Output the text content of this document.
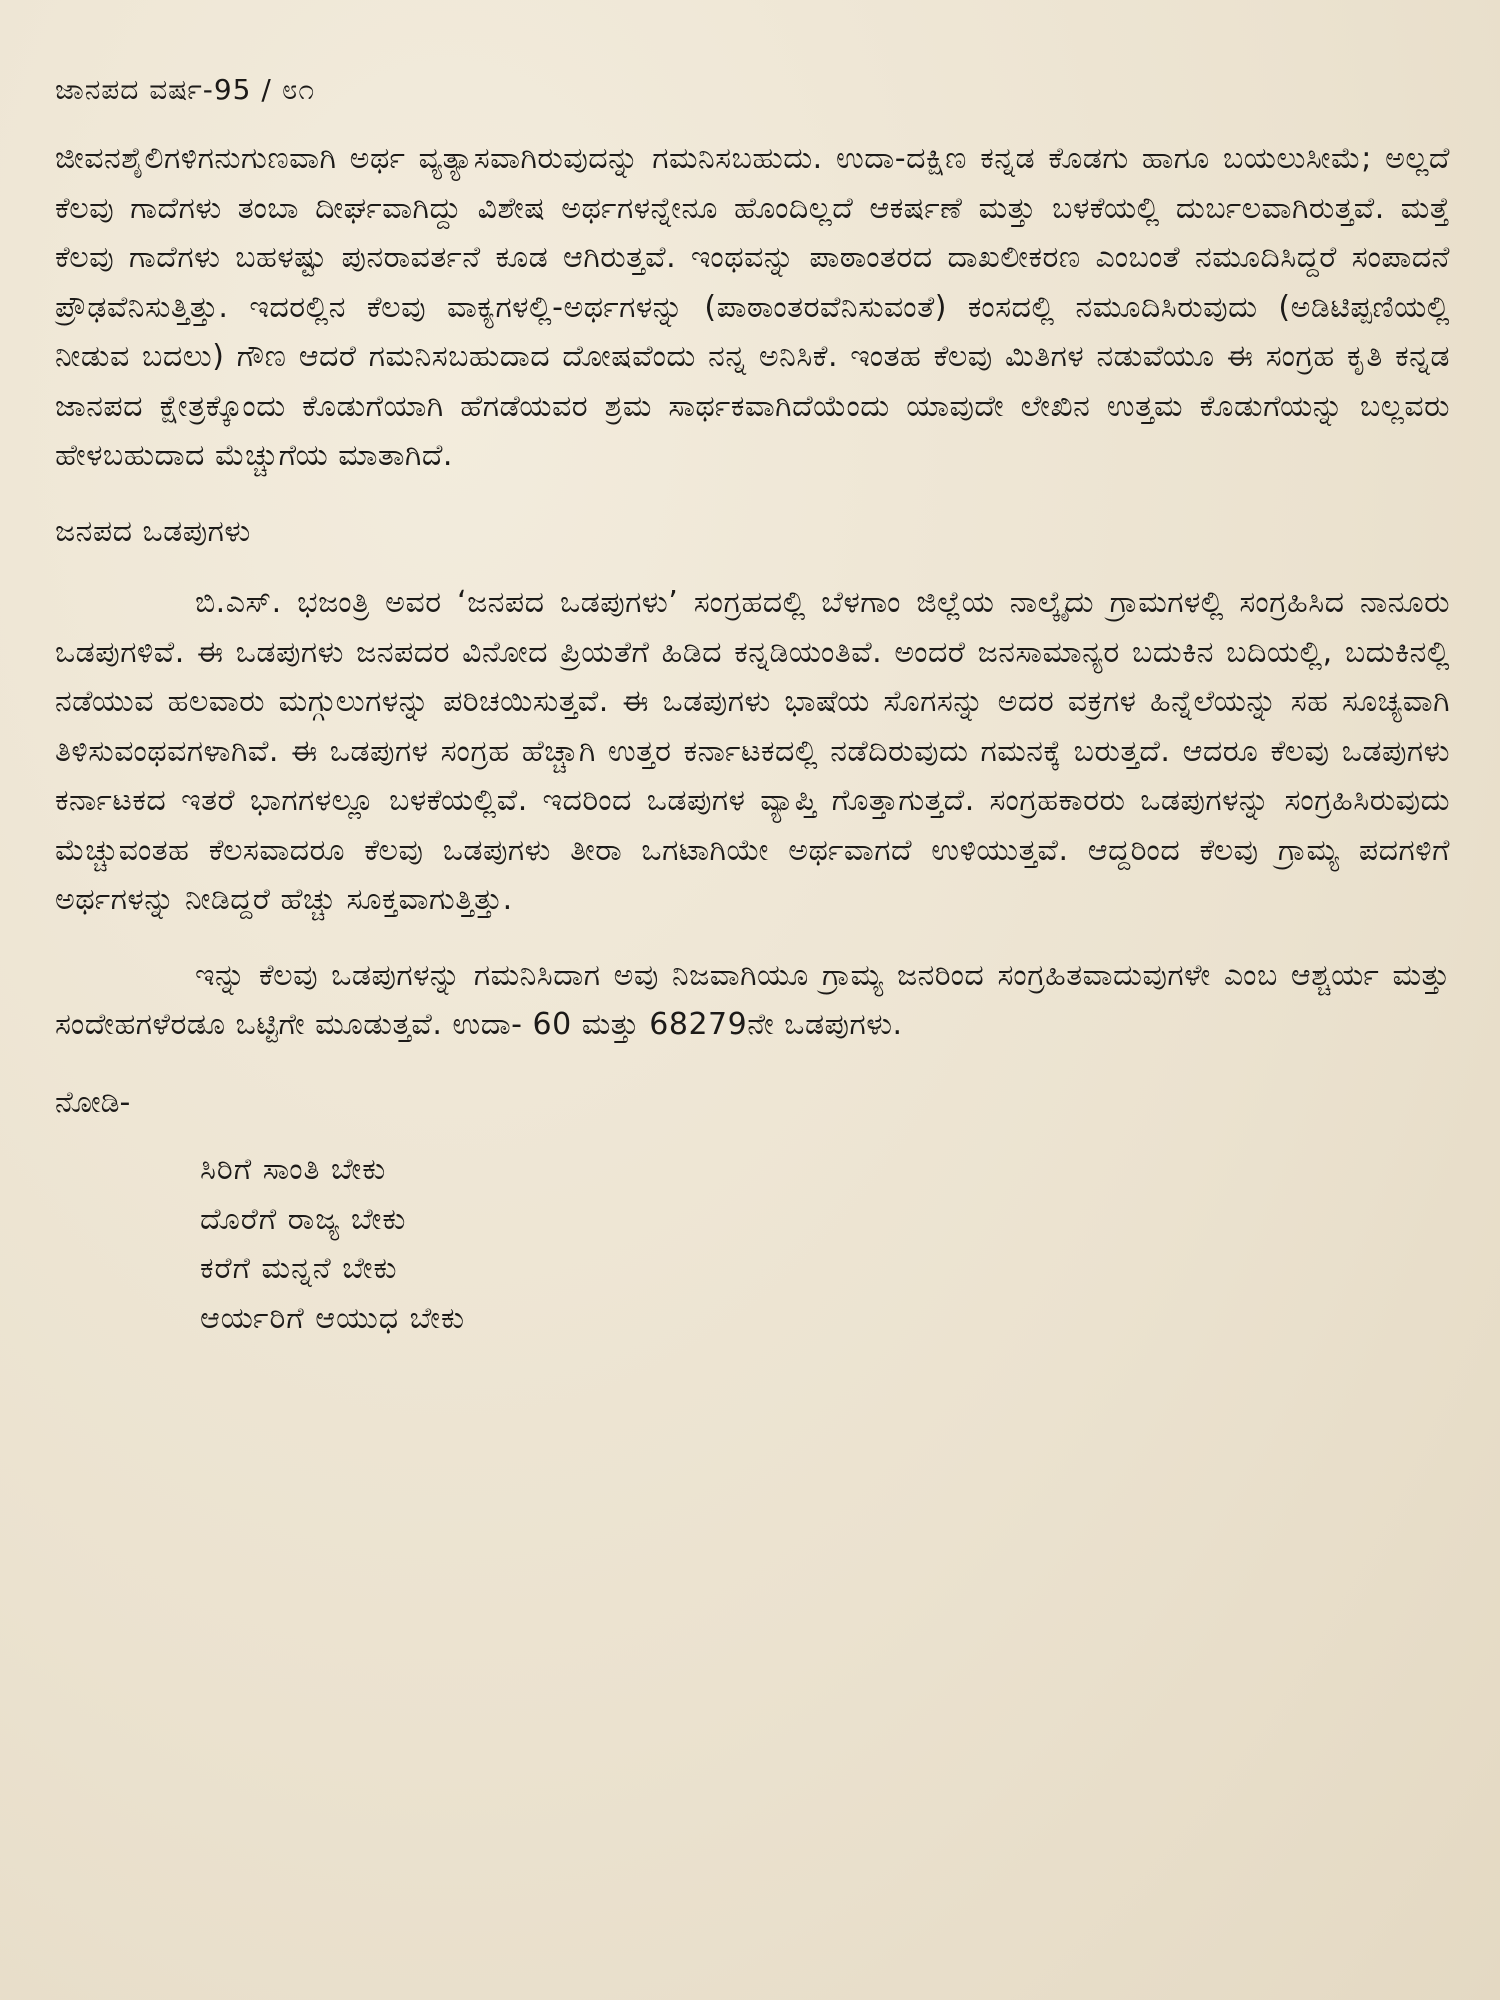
ಜಾನಪದ ವರ್ಷ-95 / ೮೧

ಜೀವನಶೈಲಿಗಳಿಗನುಗುಣವಾಗಿ ಅರ್ಥ ವ್ಯತ್ಯಾಸವಾಗಿರುವುದನ್ನು ಗಮನಿಸಬಹುದು. ಉದಾ-ದಕ್ಷಿಣ ಕನ್ನಡ ಕೊಡಗು ಹಾಗೂ ಬಯಲುಸೀಮೆ; ಅಲ್ಲದೆ ಕೆಲವು ಗಾದೆಗಳು ತಂಬಾ ದೀರ್ಘವಾಗಿದ್ದು ವಿಶೇಷ ಅರ್ಥಗಳನ್ನೇನೂ ಹೊಂದಿಲ್ಲದೆ ಆಕರ್ಷಣೆ ಮತ್ತು ಬಳಕೆಯಲ್ಲಿ ದುರ್ಬಲವಾಗಿರುತ್ತವೆ. ಮತ್ತೆ ಕೆಲವು ಗಾದೆಗಳು ಬಹಳಷ್ಟು ಪುನರಾವರ್ತನೆ ಕೂಡ ಆಗಿರುತ್ತವೆ. ಇಂಥವನ್ನು ಪಾಠಾಂತರದ ದಾಖಲೀಕರಣ ಎಂಬಂತೆ ನಮೂದಿಸಿದ್ದರೆ ಸಂಪಾದನೆ ಪ್ರೌಢವೆನಿಸುತ್ತಿತ್ತು. ಇದರಲ್ಲಿನ ಕೆಲವು ವಾಕ್ಯಗಳಲ್ಲಿ-ಅರ್ಥಗಳನ್ನು (ಪಾಠಾಂತರವೆನಿಸುವಂತೆ) ಕಂಸದಲ್ಲಿ ನಮೂದಿಸಿರುವುದು (ಅಡಿಟಿಪ್ಪಣಿಯಲ್ಲಿ ನೀಡುವ ಬದಲು) ಗೌಣ ಆದರೆ ಗಮನಿಸಬಹುದಾದ ದೋಷವೆಂದು ನನ್ನ ಅನಿಸಿಕೆ. ಇಂತಹ ಕೆಲವು ಮಿತಿಗಳ ನಡುವೆಯೂ ಈ ಸಂಗ್ರಹ ಕೃತಿ ಕನ್ನಡ ಜಾನಪದ ಕ್ಷೇತ್ರಕ್ಕೊಂದು ಕೊಡುಗೆಯಾಗಿ ಹೆಗಡೆಯವರ ಶ್ರಮ ಸಾರ್ಥಕವಾಗಿದೆಯೆಂದು ಯಾವುದೇ ಲೇಖಿನ ಉತ್ತಮ ಕೊಡುಗೆಯನ್ನು ಬಲ್ಲವರು ಹೇಳಬಹುದಾದ ಮೆಚ್ಚುಗೆಯ ಮಾತಾಗಿದೆ.

ಜನಪದ ಒಡಪುಗಳು

ಬಿ.ಎಸ್. ಭಜಂತ್ರಿ ಅವರ ‘ಜನಪದ ಒಡಪುಗಳು’ ಸಂಗ್ರಹದಲ್ಲಿ ಬೆಳಗಾಂ ಜಿಲ್ಲೆಯ ನಾಲ್ಕೈದು ಗ್ರಾಮಗಳಲ್ಲಿ ಸಂಗ್ರಹಿಸಿದ ನಾನೂರು ಒಡಪುಗಳಿವೆ. ಈ ಒಡಪುಗಳು ಜನಪದರ ವಿನೋದ ಪ್ರಿಯತೆಗೆ ಹಿಡಿದ ಕನ್ನಡಿಯಂತಿವೆ. ಅಂದರೆ ಜನಸಾಮಾನ್ಯರ ಬದುಕಿನ ಬದಿಯಲ್ಲಿ, ಬದುಕಿನಲ್ಲಿ ನಡೆಯುವ ಹಲವಾರು ಮಗ್ಗುಲುಗಳನ್ನು ಪರಿಚಯಿಸುತ್ತವೆ. ಈ ಒಡಪುಗಳು ಭಾಷೆಯ ಸೊಗಸನ್ನು ಅದರ ವಕ್ರಗಳ ಹಿನ್ನೆಲೆಯನ್ನು ಸಹ ಸೂಚ್ಯವಾಗಿ ತಿಳಿಸುವಂಥವಗಳಾಗಿವೆ. ಈ ಒಡಪುಗಳ ಸಂಗ್ರಹ ಹೆಚ್ಚಾಗಿ ಉತ್ತರ ಕರ್ನಾಟಕದಲ್ಲಿ ನಡೆದಿರುವುದು ಗಮನಕ್ಕೆ ಬರುತ್ತದೆ. ಆದರೂ ಕೆಲವು ಒಡಪುಗಳು ಕರ್ನಾಟಕದ ಇತರೆ ಭಾಗಗಳಲ್ಲೂ ಬಳಕೆಯಲ್ಲಿವೆ. ಇದರಿಂದ ಒಡಪುಗಳ ವ್ಯಾಪ್ತಿ ಗೊತ್ತಾಗುತ್ತದೆ. ಸಂಗ್ರಹಕಾರರು ಒಡಪುಗಳನ್ನು ಸಂಗ್ರಹಿಸಿರುವುದು ಮೆಚ್ಚುವಂತಹ ಕೆಲಸವಾದರೂ ಕೆಲವು ಒಡಪುಗಳು ತೀರಾ ಒಗಟಾಗಿಯೇ ಅರ್ಥವಾಗದೆ ಉಳಿಯುತ್ತವೆ. ಆದ್ದರಿಂದ ಕೆಲವು ಗ್ರಾಮ್ಯ ಪದಗಳಿಗೆ ಅರ್ಥಗಳನ್ನು ನೀಡಿದ್ದರೆ ಹೆಚ್ಚು ಸೂಕ್ತವಾಗುತ್ತಿತ್ತು.

ಇನ್ನು ಕೆಲವು ಒಡಪುಗಳನ್ನು ಗಮನಿಸಿದಾಗ ಅವು ನಿಜವಾಗಿಯೂ ಗ್ರಾಮ್ಯ ಜನರಿಂದ ಸಂಗ್ರಹಿತವಾದುವುಗಳೇ ಎಂಬ ಆಶ್ಚರ್ಯ ಮತ್ತು ಸಂದೇಹಗಳೆರಡೂ ಒಟ್ಟಿಗೇ ಮೂಡುತ್ತವೆ. ಉದಾ- 60 ಮತ್ತು 68279ನೇ ಒಡಪುಗಳು.

ನೋಡಿ-

ಸಿರಿಗೆ ಸಾಂತಿ ಬೇಕು

ದೊರೆಗೆ ರಾಜ್ಯ ಬೇಕು

ಕರೆಗೆ ಮನ್ನನೆ ಬೇಕು

ಆರ್ಯರಿಗೆ ಆಯುಧ ಬೇಕು
